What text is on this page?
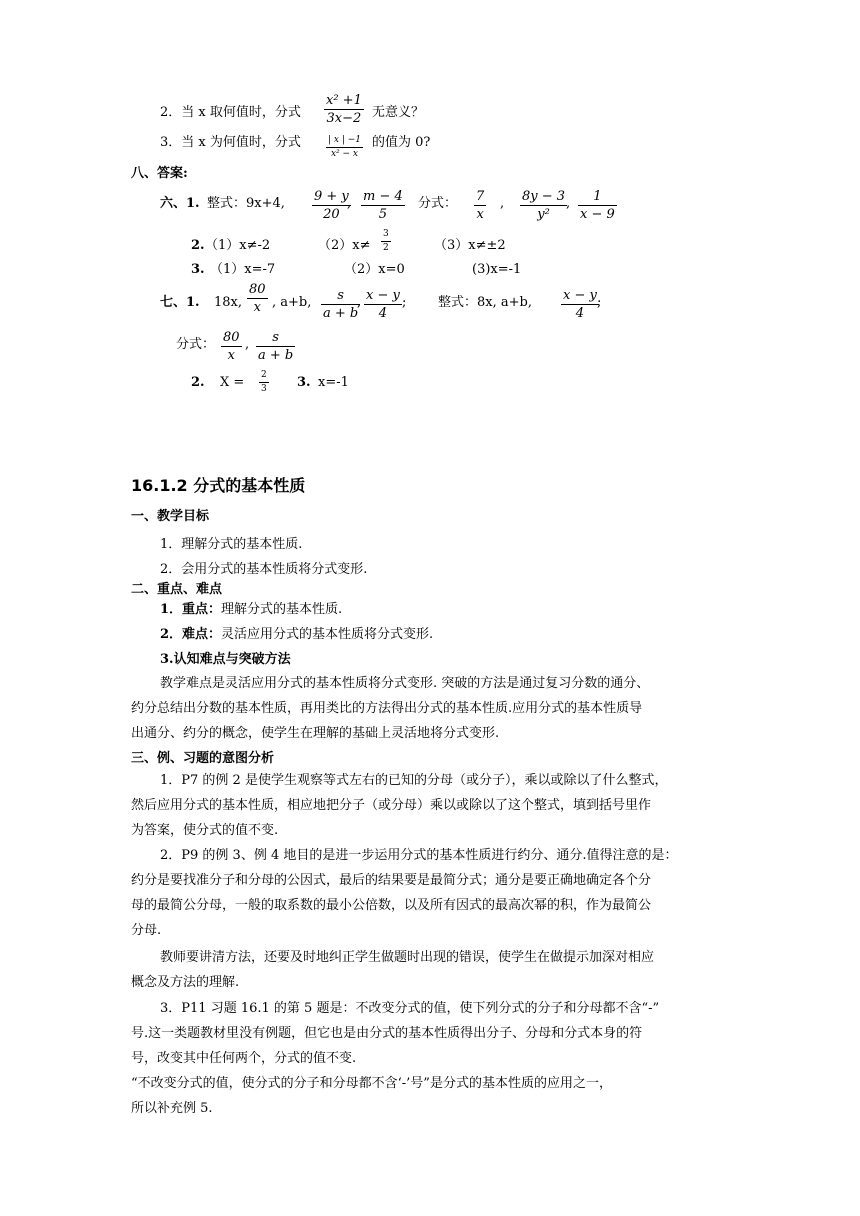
2．当 x 取何值时，分式 $\frac{\text{x² +1}}{3x-2}$ 无意义？
3．当 x 为何值时，分式	$\frac{| x | -1}{\text{x² − x}}$ 的值为 0?
八、答案:
六、1. 整式：9x+4, $\frac{9 + y}{20}$
, $\frac{m - 4}{5}$ 分式： $\frac{7}{x}$ , $\frac{8y - 3}{\text{y²}}$
, $\frac{1}{x - 9}$
2. （1）x≠-2	$(2)x\ne \frac{3}{2}$	（3）x≠±2
3. （1）x=-7	（2）x=0	(3)x=-1
七、1. 18x, $\frac{80}{x}$ , a+b, $\frac{s}{a + b}$
, $\frac{x - y}{4}$ ; 整式：8x, a+b, $\frac{x - y}{4}$
;
分式： $\frac{80}{x}$ , $\frac{s}{a + b}$
2. $X = \frac{2}{3} 3$. x=-1
16.1.2 分式的基本性质
一、教学目标
1．理解分式的基本性质.
2．会用分式的基本性质将分式变形.
二、重点、难点
1．重点：理解分式的基本性质.
2．难点：灵活应用分式的基本性质将分式变形.
3.认知难点与突破方法
教学难点是灵活应用分式的基本性质将分式变形. 突破的方法是通过复习分数的通分、
约分总结出分数的基本性质，再用类比的方法得出分式的基本性质.应用分式的基本性质导
出通分、约分的概念，使学生在理解的基础上灵活地将分式变形.
三、例、习题的意图分析
1．P7 的例 2 是使学生观察等式左右的已知的分母（或分子），乘以或除以了什么整式，
然后应用分式的基本性质，相应地把分子（或分母）乘以或除以了这个整式，填到括号里作
为答案，使分式的值不变.
2．P9 的例 3、例 4 地目的是进一步运用分式的基本性质进行约分、通分.值得注意的是：
约分是要找准分子和分母的公因式，最后的结果要是最简分式；通分是要正确地确定各个分
母的最简公分母，一般的取系数的最小公倍数，以及所有因式的最高次幂的积，作为最简公
分母.
教师要讲清方法，还要及时地纠正学生做题时出现的错误，使学生在做提示加深对相应
概念及方法的理解.
3．P11 习题 16.1 的第 5 题是：不改变分式的值，使下列分式的分子和分母都不含“-”
号.这一类题教材里没有例题，但它也是由分式的基本性质得出分子、分母和分式本身的符
号，改变其中任何两个，分式的值不变.
“不改变分式的值，使分式的分子和分母都不含‘-’号”是分式的基本性质的应用之一，
所以补充例 5.
